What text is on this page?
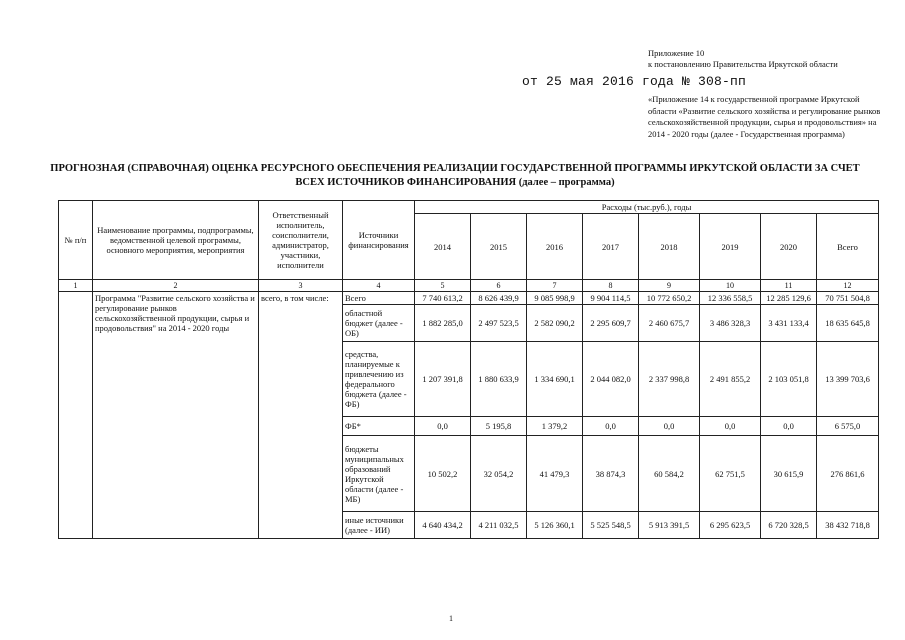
Приложение 10
к постановлению Правительства Иркутской области
от 25 мая 2016 года № 308-пп
«Приложение 14 к государственной программе Иркутской области «Развитие сельского хозяйства и регулирование рынков сельскохозяйственной продукции, сырья и продовольствия» на 2014 - 2020 годы (далее - Государственная программа)
ПРОГНОЗНАЯ (СПРАВОЧНАЯ) ОЦЕНКА РЕСУРСНОГО ОБЕСПЕЧЕНИЯ РЕАЛИЗАЦИИ ГОСУДАРСТВЕННОЙ ПРОГРАММЫ ИРКУТСКОЙ ОБЛАСТИ ЗА СЧЕТ ВСЕХ ИСТОЧНИКОВ ФИНАНСИРОВАНИЯ (далее – программа)
№ п/п	Наименование программы, подпрограммы, ведомственной целевой программы, основного мероприятия, мероприятия	Ответственный исполнитель, соисполнители, администратор, участники, исполнители	Источники финансирования	Расходы (тыс.руб.), годы							
				2014	2015	2016	2017	2018	2019	2020	Всего
1	2	3	4	5	6	7	8	9	10	11	12
	Программа "Развитие сельского хозяйства и регулирование рынков сельскохозяйственной продукции, сырья и продовольствия" на 2014 - 2020 годы	всего, в том числе:	Всего	7 740 613,2	8 626 439,9	9 085 998,9	9 904 114,5	10 772 650,2	12 336 558,5	12 285 129,6	70 751 504,8
			областной бюджет (далее - ОБ)	1 882 285,0	2 497 523,5	2 582 090,2	2 295 609,7	2 460 675,7	3 486 328,3	3 431 133,4	18 635 645,8
			средства, планируемые к привлечению из федерального бюджета (далее - ФБ)	1 207 391,8	1 880 633,9	1 334 690,1	2 044 082,0	2 337 998,8	2 491 855,2	2 103 051,8	13 399 703,6
			ФБ*	0,0	5 195,8	1 379,2	0,0	0,0	0,0	0,0	6 575,0
			бюджеты муниципальных образований Иркутской области (далее - МБ)	10 502,2	32 054,2	41 479,3	38 874,3	60 584,2	62 751,5	30 615,9	276 861,6
			иные источники (далее - ИИ)	4 640 434,2	4 211 032,5	5 126 360,1	5 525 548,5	5 913 391,5	6 295 623,5	6 720 328,5	38 432 718,8
1
